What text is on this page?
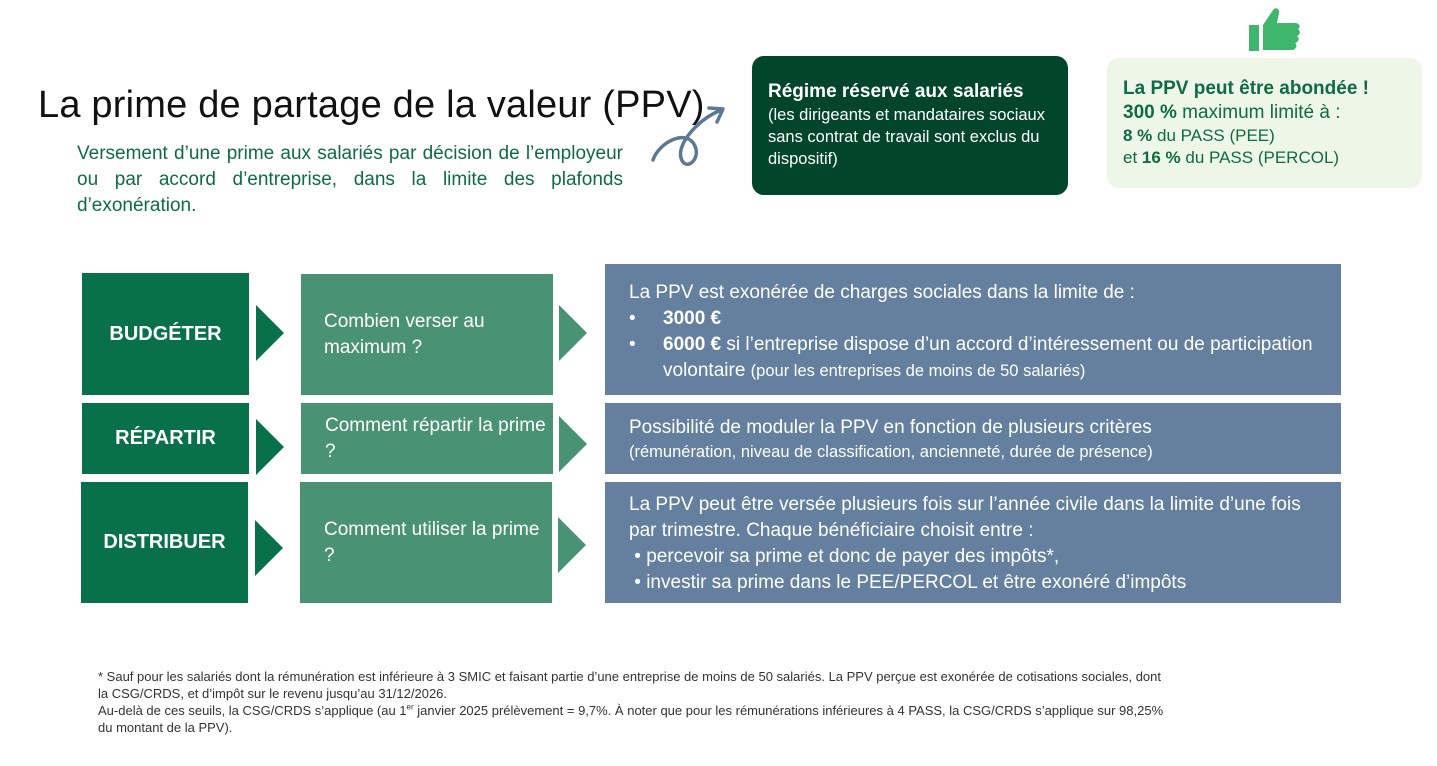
La prime de partage de la valeur (PPV)
Versement d’une prime aux salariés par décision de l’employeur ou par accord d’entreprise, dans la limite des plafonds d’exonération.
Régime réservé aux salariés
(les dirigeants et mandataires sociaux sans contrat de travail sont exclus du dispositif)
La PPV peut être abondée !
300 % maximum limité à :
8 % du PASS (PEE)
et 16 % du PASS (PERCOL)
BUDGÉTER
Combien verser au maximum ?
La PPV est exonérée de charges sociales dans la limite de :
• 3000 €
• 6000 € si l’entreprise dispose d’un accord d’intéressement ou de participation volontaire (pour les entreprises de moins de 50 salariés)
RÉPARTIR
Comment répartir la prime ?
Possibilité de moduler la PPV en fonction de plusieurs critères
(rémunération, niveau de classification, ancienneté, durée de présence)
DISTRIBUER
Comment utiliser la prime ?
La PPV peut être versée plusieurs fois sur l’année civile dans la limite d’une fois par trimestre. Chaque bénéficiaire choisit entre :
• percevoir sa prime et donc de payer des impôts*,
• investir sa prime dans le PEE/PERCOL et être exonéré d’impôts
* Sauf pour les salariés dont la rémunération est inférieure à 3 SMIC et faisant partie d’une entreprise de moins de 50 salariés. La PPV perçue est exonérée de cotisations sociales, dont la CSG/CRDS, et d’impôt sur le revenu jusqu’au 31/12/2026.
Au-delà de ces seuils, la CSG/CRDS s’applique (au 1er janvier 2025 prélèvement = 9,7%. À noter que pour les rémunérations inférieures à 4 PASS, la CSG/CRDS s’applique sur 98,25% du montant de la PPV).
